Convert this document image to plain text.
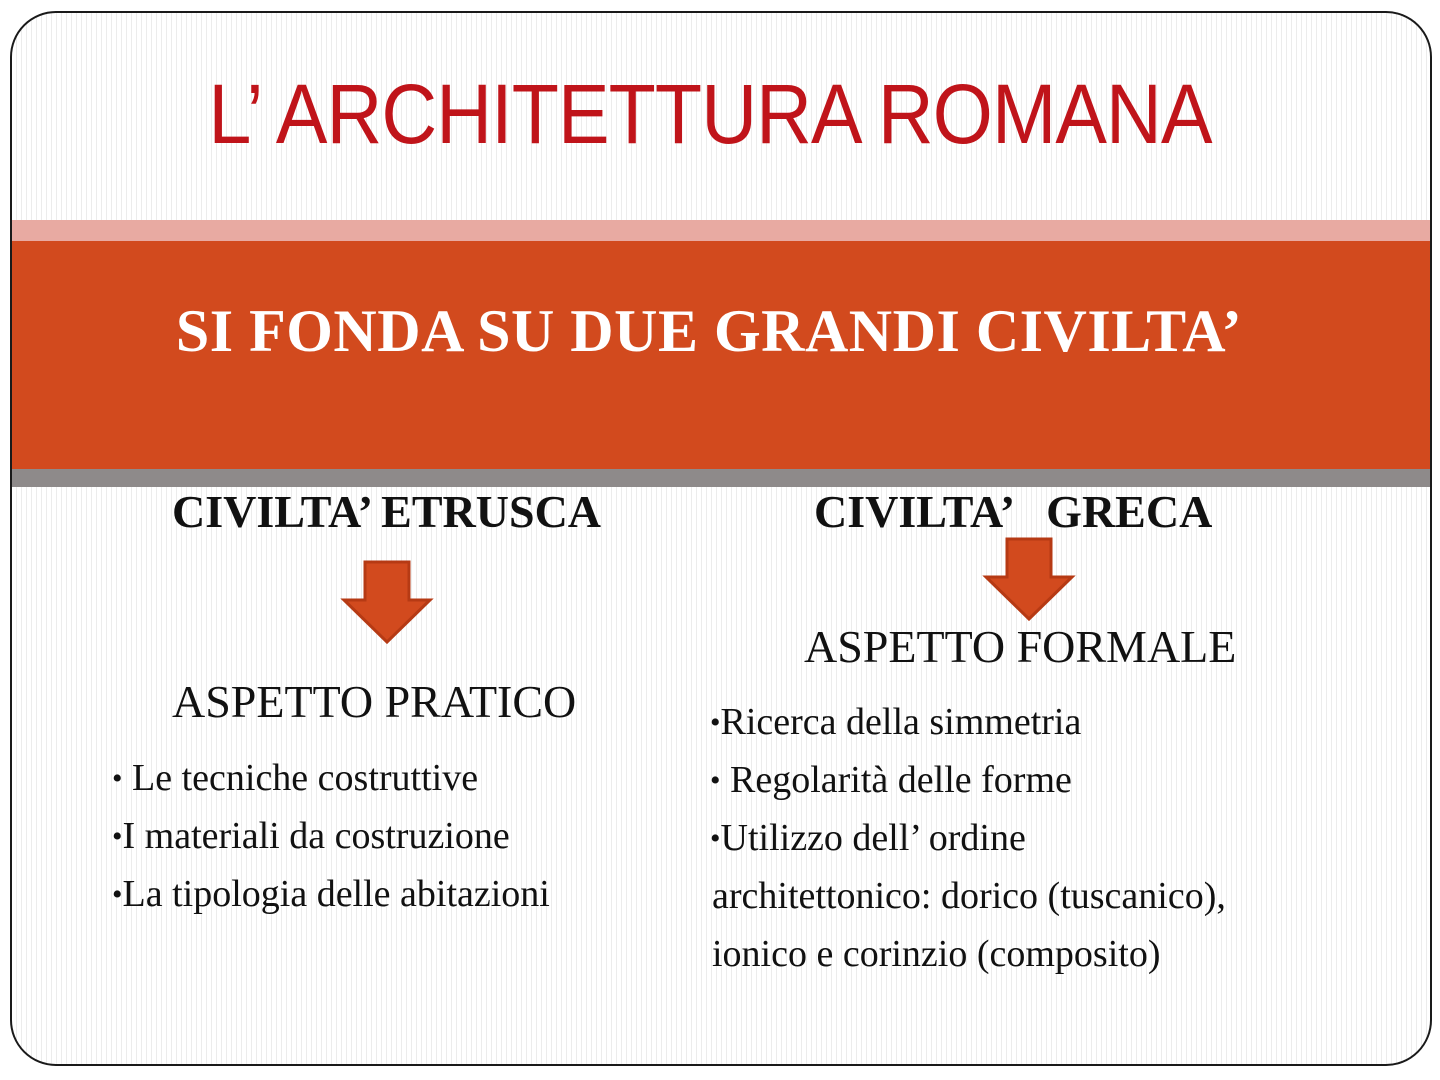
L’ ARCHITETTURA ROMANA
SI FONDA SU DUE GRANDI CIVILTA’
CIVILTA’ ETRUSCA
ASPETTO PRATICO
• Le tecniche costruttive
•I materiali da costruzione
•La tipologia delle abitazioni
CIVILTA’   GRECA
ASPETTO FORMALE
•Ricerca della simmetria
• Regolarità delle forme
•Utilizzo dell’ ordine
architettonico: dorico (tuscanico),
ionico e corinzio (composito)
